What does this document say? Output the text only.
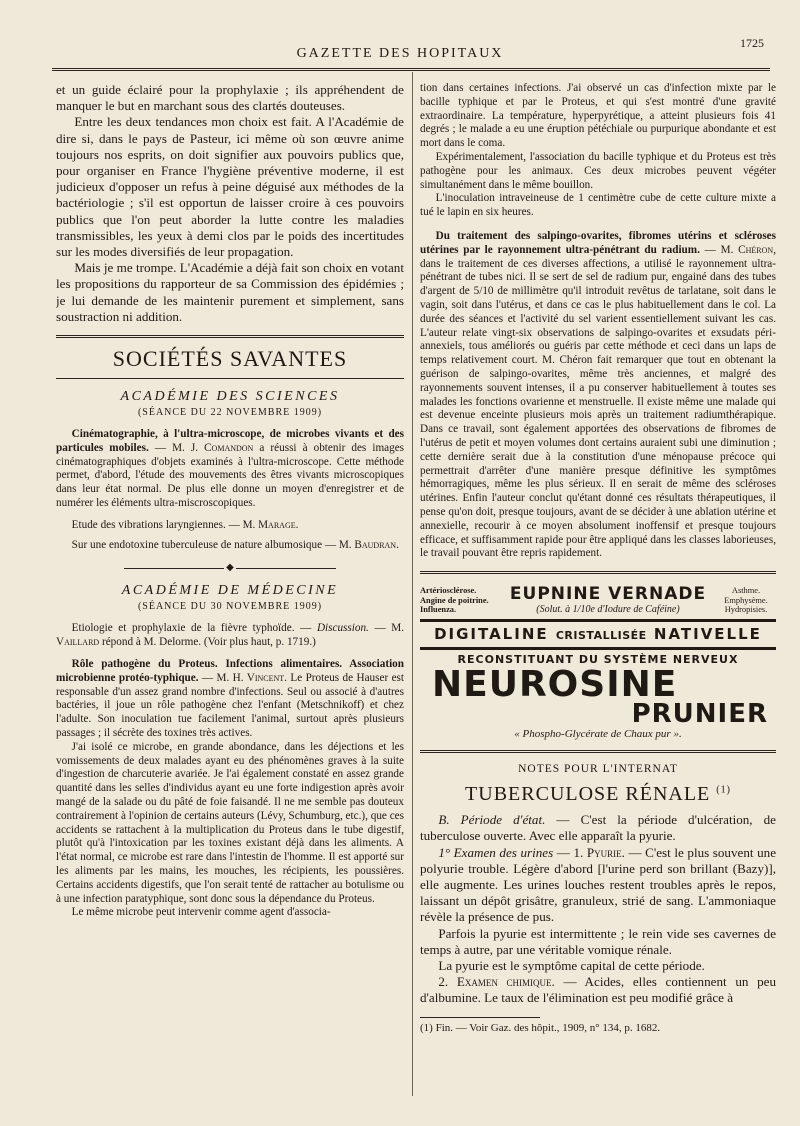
GAZETTE DES HOPITAUX
1725

et un guide éclairé pour la prophylaxie ; ils appréhendent de manquer le but en marchant sous des clartés douteuses.

Entre les deux tendances mon choix est fait. A l'Académie de dire si, dans le pays de Pasteur, ici même où son œuvre anime toujours nos esprits, on doit signifier aux pouvoirs publics que, pour organiser en France l'hygiène préventive moderne, il est judicieux d'opposer un refus à peine déguisé aux méthodes de la bactériologie ; s'il est opportun de laisser croire à ces pouvoirs publics que l'on peut aborder la lutte contre les maladies transmissibles, les yeux à demi clos par le poids des incertitudes sur les modes diversifiés de leur propagation.

Mais je me trompe. L'Académie a déjà fait son choix en votant les propositions du rapporteur de sa Commission des épidémies ; je lui demande de les maintenir purement et simplement, sans soustraction ni addition.

SOCIÉTÉS SAVANTES
ACADÉMIE DES SCIENCES
(SÉANCE DU 22 NOVEMBRE 1909)

Cinématographie, à l'ultra-microscope, de microbes vivants et des particules mobiles. — M. J. Comandon a réussi à obtenir des images cinématographiques d'objets examinés à l'ultra-microscope. Cette méthode permet, d'abord, l'étude des mouvements des êtres vivants microscopiques dans leur état normal. De plus elle donne un moyen d'enregistrer et de numérer les éléments ultra-miscroscopiques.

Etude des vibrations laryngiennes. — M. Marage.

Sur une endotoxine tuberculeuse de nature albumosique — M. Baudran.

◆
ACADÉMIE DE MÉDECINE
(SÉANCE DU 30 NOVEMBRE 1909)

Etiologie et prophylaxie de la fièvre typhoïde. — Discussion. — M. Vaillard répond à M. Delorme. (Voir plus haut, p. 1719.)

Rôle pathogène du Proteus. Infections alimentaires. Association microbienne protéo-typhique. — M. H. Vincent. Le Proteus de Hauser est responsable d'un assez grand nombre d'infections. Seul ou associé à d'autres bactéries, il joue un rôle pathogène chez l'enfant (Metschnikoff) et chez l'adulte. Son inoculation tue facilement l'animal, surtout après plusieurs passages ; il sécrète des toxines très actives.

J'ai isolé ce microbe, en grande abondance, dans les déjections et les vomissements de deux malades ayant eu des phénomènes graves à la suite d'ingestion de charcuterie avariée. Je l'ai également constaté en assez grande quantité dans les selles d'individus ayant eu une forte indigestion après avoir mangé de la salade ou du pâté de foie faisandé. Il ne me semble pas douteux contrairement à l'opinion de certains auteurs (Lévy, Schumburg, etc.), que ces accidents se rattachent à la multiplication du Proteus dans le tube digestif, plutôt qu'à l'intoxication par les toxines existant déjà dans les aliments. A l'état normal, ce microbe est rare dans l'intestin de l'homme. Il est apporté sur les aliments par les mains, les mouches, les récipients, les poussières. Certains accidents digestifs, que l'on serait tenté de rattacher au botulisme ou à une infection paratyphique, sont donc sous la dépendance du Proteus.

Le même microbe peut intervenir comme agent d'associa-

tion dans certaines infections. J'ai observé un cas d'infection mixte par le bacille typhique et par le Proteus, et qui s'est montré d'une gravité extraordinaire. La température, hyperpyrétique, a atteint plusieurs fois 41 degrés ; le malade a eu une éruption pétéchiale ou purpurique abondante et est mort dans le coma.

Expérimentalement, l'association du bacille typhique et du Proteus est très pathogène pour les animaux. Ces deux microbes peuvent végéter simultanément dans le même bouillon.

L'inoculation intraveineuse de 1 centimètre cube de cette culture mixte a tué le lapin en six heures.

Du traitement des salpingo-ovarites, fibromes utérins et scléroses utérines par le rayonnement ultra-pénétrant du radium. — M. Chéron, dans le traitement de ces diverses affections, a utilisé le rayonnement ultra-pénétrant de tubes nici. Il se sert de sel de radium pur, engainé dans des tubes d'argent de 5/10 de millimètre qu'il introduit revêtus de tarlatane, soit dans le vagin, soit dans l'utérus, et dans ce cas le plus habituellement dans le col. La durée des séances et l'activité du sel varient essentiellement suivant les cas. L'auteur relate vingt-six observations de salpingo-ovarites et exsudats péri-annexiels, tous améliorés ou guéris par cette méthode et ceci dans un laps de temps relativement court. M. Chéron fait remarquer que tout en obtenant la guérison de salpingo-ovarites, même très anciennes, et malgré des rayonnements souvent intenses, il a pu conserver habituellement à toutes ses malades les fonctions ovarienne et menstruelle. Il existe même une malade qui est devenue enceinte plusieurs mois après un traitement radiumthérapique. Dans ce travail, sont également apportées des observations de fibromes de l'utérus de petit et moyen volumes dont certains auraient subi une diminution ; cette dernière serait due à la constitution d'une ménopause précoce qui permettrait d'arrêter d'une manière presque définitive les symptômes hémorragiques, même les plus sérieux. Il en serait de même des scléroses utérines. Enfin l'auteur conclut qu'étant donné ces résultats thérapeutiques, il pense qu'on doit, presque toujours, avant de se décider à une ablation utérine et annexielle, recourir à ce moyen absolument inoffensif et presque toujours efficace, et suffisamment rapide pour être appliqué dans les classes laborieuses, le travail pouvant être repris rapidement.

Artériosclérose. Angine de poitrine. Influenza.
EUPNINE VERNADE
(Solut. à 1/10e d'Iodure de Caféine)
Asthme. Emphysème. Hydropisies.
DIGITALINE CRISTALLISÉE NATIVELLE
RECONSTITUANT DU SYSTÈME NERVEUX
NEUROSINE
PRUNIER
« Phospho-Glycérate de Chaux pur ».
NOTES POUR L'INTERNAT
TUBERCULOSE RÉNALE $^{(1)}$

B. Période d'état. — C'est la période d'ulcération, de tuberculose ouverte. Avec elle apparaît la pyurie.

1° Examen des urines — 1. Pyurie. — C'est le plus souvent une polyurie trouble. Légère d'abord [l'urine perd son brillant (Bazy)], elle augmente. Les urines louches restent troubles après le repos, laissant un dépôt grisâtre, granuleux, strié de sang. L'ammoniaque révèle la présence de pus.

Parfois la pyurie est intermittente ; le rein vide ses cavernes de temps à autre, par une véritable vomique rénale.

La pyurie est le symptôme capital de cette période.

2. Examen chimique. — Acides, elles contiennent un peu d'albumine. Le taux de l'élimination est peu modifié grâce à

(1) Fin. — Voir Gaz. des hôpit., 1909, n° 134, p. 1682.
